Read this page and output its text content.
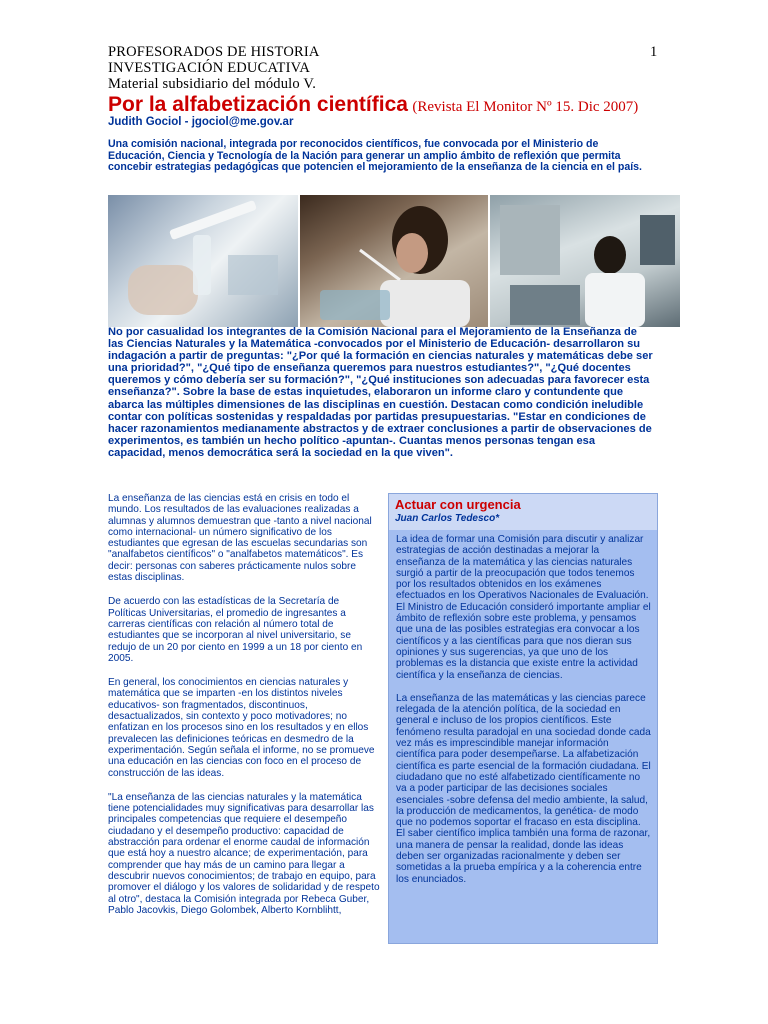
PROFESORADOS DE HISTORIA
INVESTIGACIÓN EDUCATIVA
Material subsidiario del módulo V.
1
Por la alfabetización científica (Revista El Monitor Nº 15. Dic 2007)
Judith Gociol - jgociol@me.gov.ar

Una comisión nacional, integrada por reconocidos científicos, fue convocada por el Ministerio de Educación, Ciencia y Tecnología de la Nación para generar un amplio ámbito de reflexión que permita concebir estrategias pedagógicas que potencien el mejoramiento de la enseñanza de la ciencia en el país.

No por casualidad los integrantes de la Comisión Nacional para el Mejoramiento de la Enseñanza de las Ciencias Naturales y la Matemática -convocados por el Ministerio de Educación- desarrollaron su indagación a partir de preguntas: "¿Por qué la formación en ciencias naturales y matemáticas debe ser una prioridad?", "¿Qué tipo de enseñanza queremos para nuestros estudiantes?", "¿Qué docentes queremos y cómo debería ser su formación?", "¿Qué instituciones son adecuadas para favorecer esta enseñanza?". Sobre la base de estas inquietudes, elaboraron un informe claro y contundente que abarca las múltiples dimensiones de las disciplinas en cuestión. Destacan como condición ineludible contar con políticas sostenidas y respaldadas por partidas presupuestarias. "Estar en condiciones de hacer razonamientos medianamente abstractos y de extraer conclusiones a partir de observaciones de experimentos, es también un hecho político -apuntan-. Cuantas menos personas tengan esa capacidad, menos democrática será la sociedad en la que viven".

La enseñanza de las ciencias está en crisis en todo el mundo. Los resultados de las evaluaciones realizadas a alumnas y alumnos demuestran que -tanto a nivel nacional como internacional- un número significativo de los estudiantes que egresan de las escuelas secundarias son "analfabetos científicos" o "analfabetos matemáticos". Es decir: personas con saberes prácticamente nulos sobre estas disciplinas.

De acuerdo con las estadísticas de la Secretaría de Políticas Universitarias, el promedio de ingresantes a carreras científicas con relación al número total de estudiantes que se incorporan al nivel universitario, se redujo de un 20 por ciento en 1999 a un 18 por ciento en 2005.

En general, los conocimientos en ciencias naturales y matemática que se imparten -en los distintos niveles educativos- son fragmentados, discontinuos, desactualizados, sin contexto y poco motivadores; no enfatizan en los procesos sino en los resultados y en ellos prevalecen las definiciones teóricas en desmedro de la experimentación. Según señala el informe, no se promueve una educación en las ciencias con foco en el proceso de construcción de las ideas.

"La enseñanza de las ciencias naturales y la matemática tiene potencialidades muy significativas para desarrollar las principales competencias que requiere el desempeño ciudadano y el desempeño productivo: capacidad de abstracción para ordenar el enorme caudal de información que está hoy a nuestro alcance; de experimentación, para comprender que hay más de un camino para llegar a descubrir nuevos conocimientos; de trabajo en equipo, para promover el diálogo y los valores de solidaridad y de respeto al otro", destaca la Comisión integrada por Rebeca Guber, Pablo Jacovkis, Diego Golombek, Alberto Kornblihtt,

Actuar con urgencia
Juan Carlos Tedesco*

La idea de formar una Comisión para discutir y analizar estrategias de acción destinadas a mejorar la enseñanza de la matemática y las ciencias naturales surgió a partir de la preocupación que todos tenemos por los resultados obtenidos en los exámenes efectuados en los Operativos Nacionales de Evaluación. El Ministro de Educación consideró importante ampliar el ámbito de reflexión sobre este problema, y pensamos que una de las posibles estrategias era convocar a los científicos y a las científicas para que nos dieran sus opiniones y sus sugerencias, ya que uno de los problemas es la distancia que existe entre la actividad científica y la enseñanza de ciencias.

La enseñanza de las matemáticas y las ciencias parece relegada de la atención política, de la sociedad en general e incluso de los propios científicos. Este fenómeno resulta paradojal en una sociedad donde cada vez más es imprescindible manejar información científica para poder desempeñarse. La alfabetización científica es parte esencial de la formación ciudadana. El ciudadano que no esté alfabetizado científicamente no va a poder participar de las decisiones sociales esenciales -sobre defensa del medio ambiente, la salud, la producción de medicamentos, la genética- de modo que no podemos soportar el fracaso en esta disciplina. El saber científico implica también una forma de razonar, una manera de pensar la realidad, donde las ideas deben ser organizadas racionalmente y deben ser sometidas a la prueba empírica y a la coherencia entre los enunciados.
